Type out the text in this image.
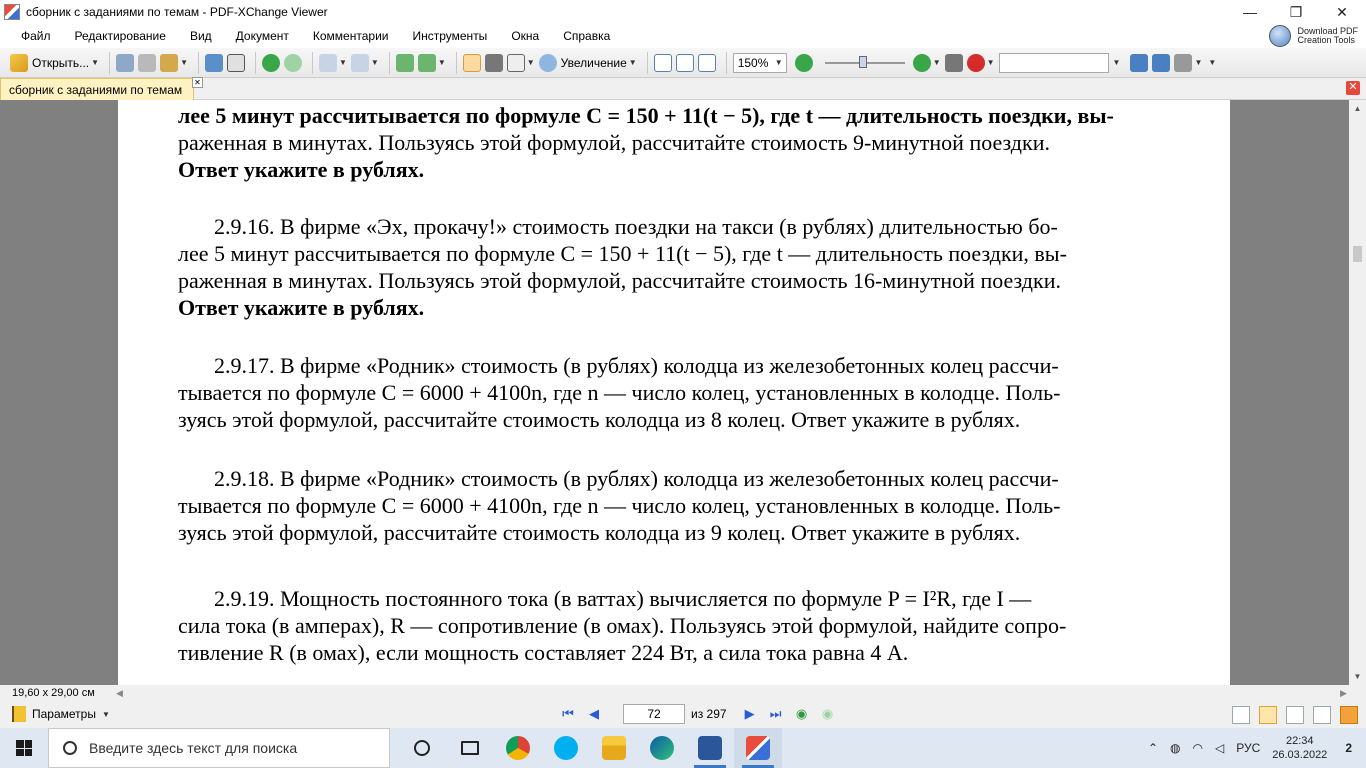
сборник с заданиями по темам - PDF-XChange Viewer	—	❐	✕
Файл	Редактирование	Вид	Документ	Комментарии	Инструменты	Окна	Справка	Download PDF
Creation Tools
Открыть... ▼	▼	▼	▼	▼	▼ Увеличение ▼	150% ▼	▼	▼	▼	▼ ▼
сборник с заданиями по темам
✕	✕
лее 5 минут рассчитывается по формуле C = 150 + 11(t − 5), где t — длительность поездки, вы-
раженная в минутах. Пользуясь этой формулой, рассчитайте стоимость 9-минутной поездки.
Ответ укажите в рублях.
2.9.16. В фирме «Эх, прокачу!» стоимость поездки на такси (в рублях) длительностью бо-
лее 5 минут рассчитывается по формуле C = 150 + 11(t − 5), где t — длительность поездки, вы-
раженная в минутах. Пользуясь этой формулой, рассчитайте стоимость 16-минутной поездки.
Ответ укажите в рублях.
2.9.17. В фирме «Родник» стоимость (в рублях) колодца из железобетонных колец рассчи-
тывается по формуле C = 6000 + 4100n, где n — число колец, установленных в колодце. Поль-
зуясь этой формулой, рассчитайте стоимость колодца из 8 колец. Ответ укажите в рублях.
2.9.18. В фирме «Родник» стоимость (в рублях) колодца из железобетонных колец рассчи-
тывается по формуле C = 6000 + 4100n, где n — число колец, установленных в колодце. Поль-
зуясь этой формулой, рассчитайте стоимость колодца из 9 колец. Ответ укажите в рублях.
2.9.19. Мощность постоянного тока (в ваттах) вычисляется по формуле P = I²R, где I —
сила тока (в амперах), R — сопротивление (в омах). Пользуясь этой формулой, найдите сопро-
тивление R (в омах), если мощность составляет 224 Вт, а сила тока равна 4 А.
▲
▼
19,60 x 29,00 см ◀	▶
Параметры ▼	⏮ ◀	72	из 297 ▶ ⏭ ◉ ◉
Введите здесь текст для поиска	⌃ ◍ ◠ ◁ РУС	22:34
26.03.2022 2
